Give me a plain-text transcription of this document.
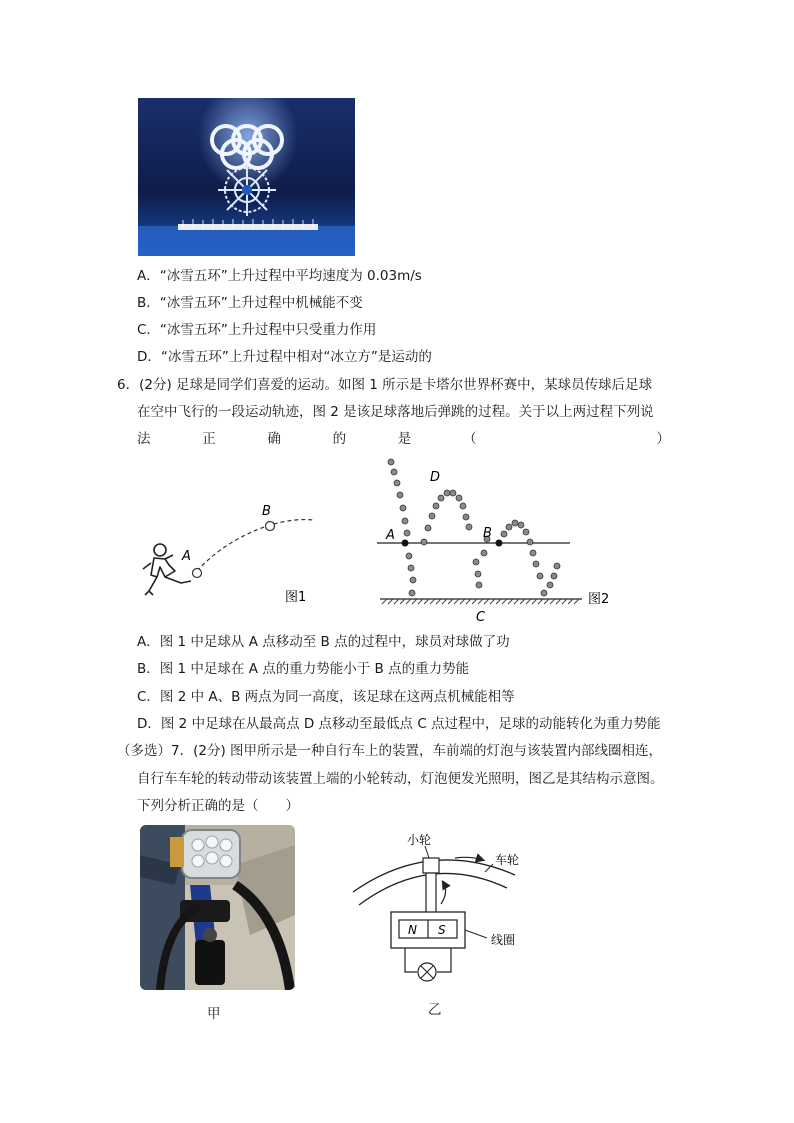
A．“冰雪五环”上升过程中平均速度为 0.03m/s
B．“冰雪五环”上升过程中机械能不变
C．“冰雪五环”上升过程中只受重力作用
D．“冰雪五环”上升过程中相对“冰立方”是运动的
6．(2分) 足球是同学们喜爱的运动。如图 1 所示是卡塔尔世界杯赛中，某球员传球后足球
在空中飞行的一段运动轨迹，图 2 是该足球落地后弹跳的过程。关于以上两过程下列说
法	正	确	的	是	（	）
A
B
图1
A	B
D
C
图2
A．图 1 中足球从 A 点移动至 B 点的过程中，球员对球做了功
B．图 1 中足球在 A 点的重力势能小于 B 点的重力势能
C．图 2 中 A、B 两点为同一高度，该足球在这两点机械能相等
D．图 2 中足球在从最高点 D 点移动至最低点 C 点过程中，足球的动能转化为重力势能
（多选）7．(2分) 图甲所示是一种自行车上的装置，车前端的灯泡与该装置内部线圈相连，
自行车车轮的转动带动该装置上端的小轮转动，灯泡便发光照明，图乙是其结构示意图。
下列分析正确的是（　　）
甲
N S
小轮
车轮
线圈
乙
